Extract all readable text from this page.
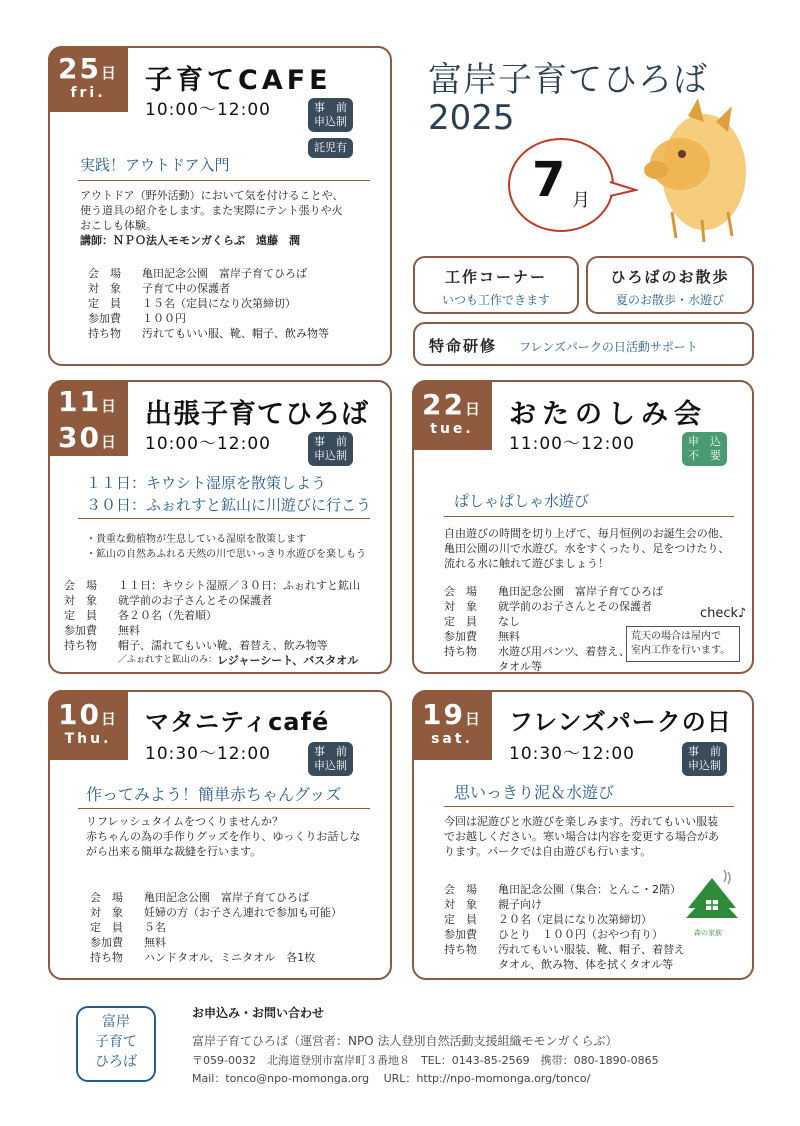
25日
fri.	子育てCAFE
10:00〜12:00	事　前
申込制
託児有
実践！アウトドア入門
アウトドア（野外活動）において気を付けることや、
使う道具の紹介をします。また実際にテント張りや火
おこしも体験。
講師：ＮＰＯ法人モモンガくらぶ　遠藤　潤
会　場	亀田記念公園　富岸子育てひろば
対　象	子育て中の保護者
定　員	１５名（定員になり次第締切）
参加費	１００円
持ち物	汚れてもいい服、靴、帽子、飲み物等
富岸子育てひろば
2025
7 月
工作コーナー
いつも工作できます
ひろばのお散歩
夏のお散歩・水遊び
特命研修 フレンズパークの日活動サポート
11日
30日
出張子育てひろば
10:00〜12:00	事　前
申込制
１１日：キウシト湿原を散策しよう
３０日：ふぉれすと鉱山に川遊びに行こう
・貴重な動植物が生息している湿原を散策します
・鉱山の自然あふれる天然の川で思いっきり水遊びを楽しもう
会　場	１１日：キウシト湿原／３０日：ふぉれすと鉱山
対　象	就学前のお子さんとその保護者
定　員	各２０名（先着順）
参加費	無料
持ち物	帽子、濡れてもいい靴、着替え、飲み物等
／ふぉれすと鉱山のみ： レジャーシート、バスタオル
22日
tue.	おたのしみ会
11:00〜12:00	申　込
不　要
ぱしゃぱしゃ水遊び
自由遊びの時間を切り上げて、毎月恒例のお誕生会の他、
亀田公園の川で水遊び。水をすくったり、足をつけたり、
流れる水に触れて遊びましょう！
会　場	亀田記念公園　富岸子育てひろば
対　象	就学前のお子さんとその保護者
定　員	なし
参加費	無料
持ち物	水遊び用パンツ、着替え、
タオル等
check♪
荒天の場合は屋内で
室内工作を行います。
10日
Thu.
マタニティcafé
10:30〜12:00	事　前
申込制
作ってみよう！簡単赤ちゃんグッズ
リフレッシュタイムをつくりませんか？
赤ちゃんの為の手作りグッズを作り、ゆっくりお話しな
がら出来る簡単な裁縫を行います。
会　場	亀田記念公園　富岸子育てひろば
対　象	妊婦の方（お子さん連れで参加も可能）
定　員	５名
参加費	無料
持ち物	ハンドタオル、ミニタオル　各1枚
19日
sat.
フレンズパークの日
10:30〜12:00	事　前
申込制
思いっきり泥＆水遊び
今回は泥遊びと水遊びを楽しみます。汚れてもいい服装
でお越しください。寒い場合は内容を変更する場合があ
ります。パークでは自由遊びも行います。
会　場	亀田記念公園（集合：とんこ・2階）
対　象	親子向け
定　員	２０名（定員になり次第締切）
参加費	ひとり　１００円（おやつ有り）
持ち物	汚れてもいい服装、靴、帽子、着替え
タオル、飲み物、体を拭くタオル等
森の家族
富岸
子育て
ひろば
お申込み・お問い合わせ
富岸子育てひろば（運営者：NPO 法人登別自然活動支援組織モモンガくらぶ）
〒059-0032　北海道登別市富岸町３番地８　TEL：0143-85-2569　携帯：080-1890-0865
Mail：tonco@npo-momonga.org　 URL：http://npo-momonga.org/tonco/
